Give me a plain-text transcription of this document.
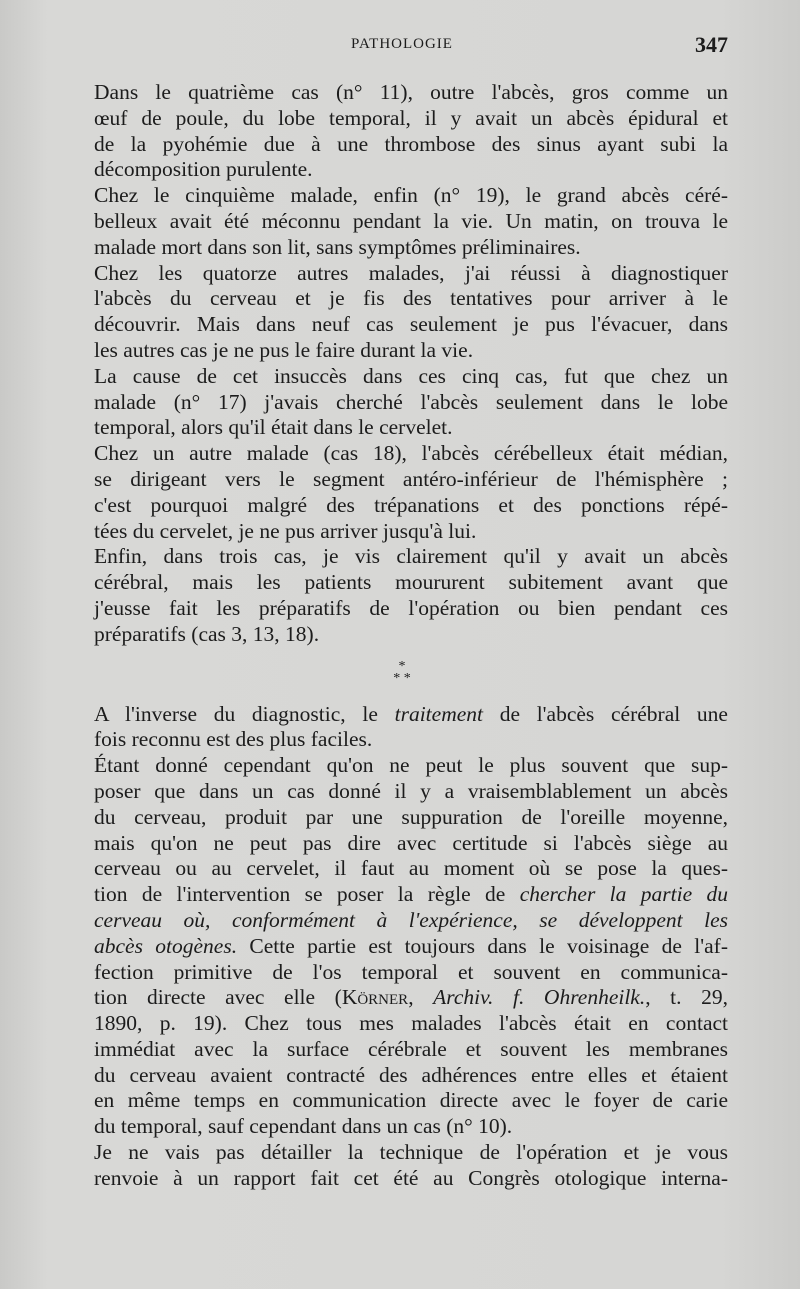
PATHOLOGIE	347

Dans le quatrième cas (n° 11), outre l'abcès, gros comme un
œuf de poule, du lobe temporal, il y avait un abcès épidural et
de la pyohémie due à une thrombose des sinus ayant subi la
décomposition purulente.

Chez le cinquième malade, enfin (n° 19), le grand abcès céré-
belleux avait été méconnu pendant la vie. Un matin, on trouva le
malade mort dans son lit, sans symptômes préliminaires.

Chez les quatorze autres malades, j'ai réussi à diagnostiquer
l'abcès du cerveau et je fis des tentatives pour arriver à le
découvrir. Mais dans neuf cas seulement je pus l'évacuer, dans
les autres cas je ne pus le faire durant la vie.

La cause de cet insuccès dans ces cinq cas, fut que chez un
malade (n° 17) j'avais cherché l'abcès seulement dans le lobe
temporal, alors qu'il était dans le cervelet.

Chez un autre malade (cas 18), l'abcès cérébelleux était médian,
se dirigeant vers le segment antéro-inférieur de l'hémisphère ;
c'est pourquoi malgré des trépanations et des ponctions répé-
tées du cervelet, je ne pus arriver jusqu'à lui.

Enfin, dans trois cas, je vis clairement qu'il y avait un abcès
cérébral, mais les patients moururent subitement avant que
j'eusse fait les préparatifs de l'opération ou bien pendant ces
préparatifs (cas 3, 13, 18).

*
* *

A l'inverse du diagnostic, le traitement de l'abcès cérébral une
fois reconnu est des plus faciles.

Étant donné cependant qu'on ne peut le plus souvent que sup-
poser que dans un cas donné il y a vraisemblablement un abcès
du cerveau, produit par une suppuration de l'oreille moyenne,
mais qu'on ne peut pas dire avec certitude si l'abcès siège au
cerveau ou au cervelet, il faut au moment où se pose la ques-
tion de l'intervention se poser la règle de chercher la partie du
cerveau où, conformément à l'expérience, se développent les
abcès otogènes. Cette partie est toujours dans le voisinage de l'af-
fection primitive de l'os temporal et souvent en communica-
tion directe avec elle (Körner, Archiv. f. Ohrenheilk., t. 29,
1890, p. 19). Chez tous mes malades l'abcès était en contact
immédiat avec la surface cérébrale et souvent les membranes
du cerveau avaient contracté des adhérences entre elles et étaient
en même temps en communication directe avec le foyer de carie
du temporal, sauf cependant dans un cas (n° 10).

Je ne vais pas détailler la technique de l'opération et je vous
renvoie à un rapport fait cet été au Congrès otologique interna-
